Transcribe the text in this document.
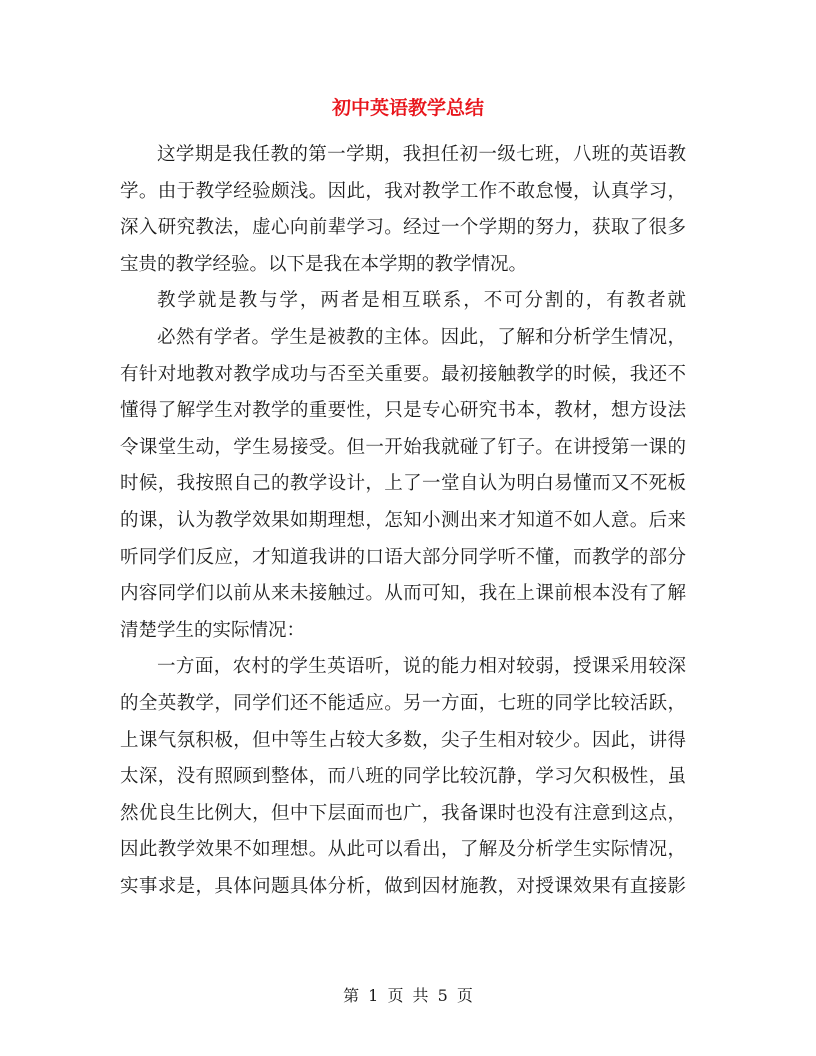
初中英语教学总结

这学期是我任教的第一学期，我担任初一级七班，八班的英语教
学。由于教学经验颇浅。因此，我对教学工作不敢怠慢，认真学习，
深入研究教法，虚心向前辈学习。经过一个学期的努力，获取了很多
宝贵的教学经验。以下是我在本学期的教学情况。

教学就是教与学，两者是相互联系，不可分割的，有教者就

必然有学者。学生是被教的主体。因此，了解和分析学生情况，
有针对地教对教学成功与否至关重要。最初接触教学的时候，我还不
懂得了解学生对教学的重要性，只是专心研究书本，教材，想方设法
令课堂生动，学生易接受。但一开始我就碰了钉子。在讲授第一课的
时候，我按照自己的教学设计，上了一堂自认为明白易懂而又不死板
的课，认为教学效果如期理想，怎知小测出来才知道不如人意。后来
听同学们反应，才知道我讲的口语大部分同学听不懂，而教学的部分
内容同学们以前从来未接触过。从而可知，我在上课前根本没有了解
清楚学生的实际情况：

一方面，农村的学生英语听，说的能力相对较弱，授课采用较深
的全英教学，同学们还不能适应。另一方面，七班的同学比较活跃，
上课气氛积极，但中等生占较大多数，尖子生相对较少。因此，讲得
太深，没有照顾到整体，而八班的同学比较沉静，学习欠积极性，虽
然优良生比例大，但中下层面而也广，我备课时也没有注意到这点，
因此教学效果不如理想。从此可以看出，了解及分析学生实际情况，
实事求是，具体问题具体分析，做到因材施教，对授课效果有直接影

第 1 页 共 5 页
